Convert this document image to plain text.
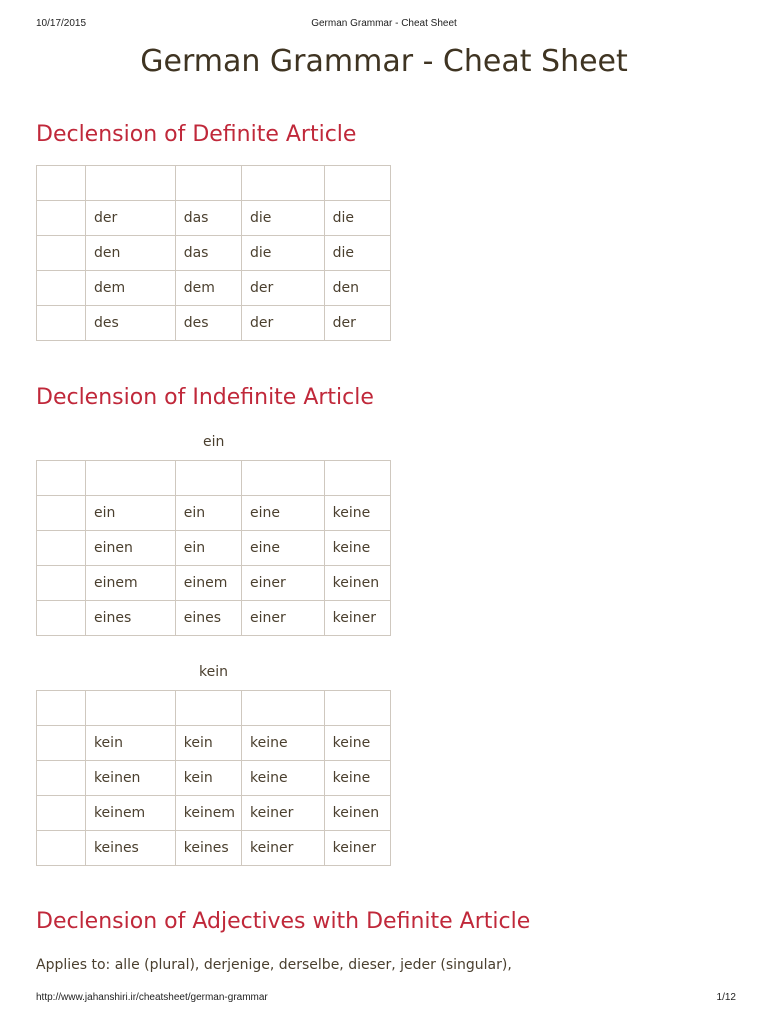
10/17/2015	German Grammar - Cheat Sheet
German Grammar - Cheat Sheet
Declension of Definite Article

	der	das	die	die
	den	das	die	die
	dem	dem	der	den
	des	des	der	der
Declension of Indefinite Article
ein

	ein	ein	eine	keine
	einen	ein	eine	keine
	einem	einem	einer	keinen
	eines	eines	einer	keiner
kein

	kein	kein	keine	keine
	keinen	kein	keine	keine
	keinem	keinem	keiner	keinen
	keines	keines	keiner	keiner
Declension of Adjectives with Definite Article
Applies to: alle (plural), derjenige, derselbe, dieser, jeder (singular),
http://www.jahanshiri.ir/cheatsheet/german-grammar	1/12
